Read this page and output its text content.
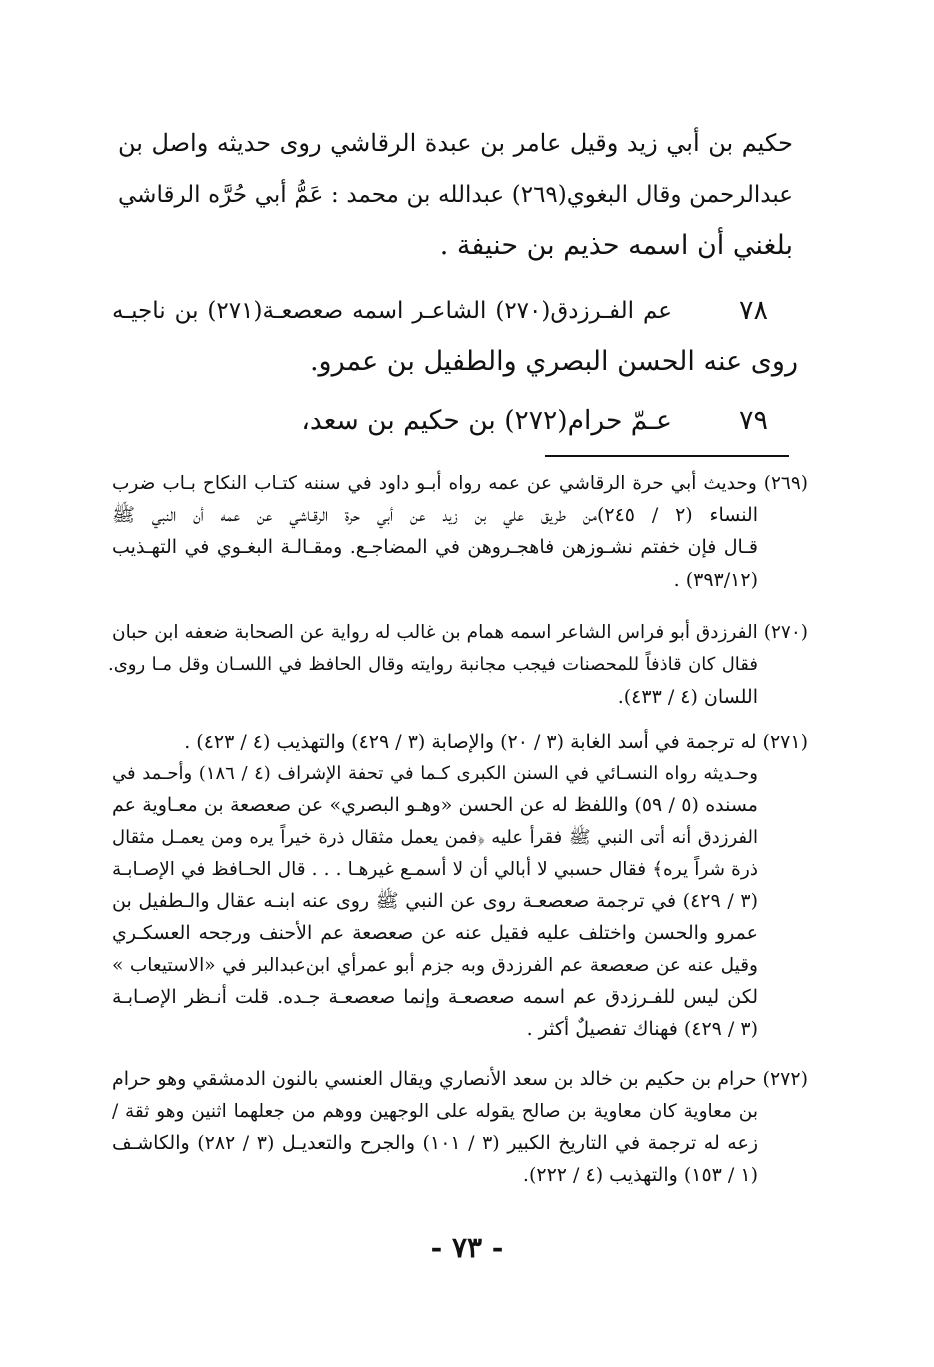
حكيم بن أبي زيد وقيل عامر بن عبدة الرقاشي روى حديثه واصل بن
عبدالرحمن وقال البغوي(٢٦٩) عبدالله بن محمد : عَمُّ أبي حُرَّه الرقاشي
بلغني أن اسمه حذيم بن حنيفة .
٧٨
عم الفـرزدق(٢٧٠) الشاعـر اسمه صعصعـة(٢٧١) بن ناجيـه
روى عنه الحسن البصري والطفيل بن عمرو.
٧٩
عـمّ حرام(٢٧٢) بن حكيم بن سعد،
(٢٦٩) وحديث أبي حرة الرقاشي عن عمه رواه أبـو داود في سننه كتـاب النكاح بـاب ضرب
النساء (٢ / ٢٤٥)من طريق علي بن زيد عن أبي حرة الرقـاشي عن عمه أن النبي ﷺ
قـال فإن خفتم نشـوزهن فاهجـروهن في المضاجـع. ومقـالـة البغـوي في التهـذيب
(٣٩٣/١٢) .
(٢٧٠) الفرزدق أبو فراس الشاعر اسمه همام بن غالب له رواية عن الصحابة ضعفه ابن حبان
فقال كان قاذفاً للمحصنات فيجب مجانبة روايته وقال الحافظ في اللسـان وقل مـا روى.
اللسان (٤ / ٤٣٣).
(٢٧١) له ترجمة في أسد الغابة (٣ / ٢٠) والإصابة (٣ / ٤٢٩) والتهذيب (٤ / ٤٢٣) .
وحـديثه رواه النسـائي في السنن الكبرى كـما في تحفة الإشراف (٤ / ١٨٦) وأحـمد في
مسنده (٥ / ٥٩) واللفظ له عن الحسن «وهـو البصري» عن صعصعة بن معـاوية عم
الفرزدق أنه أتى النبي ﷺ فقرأ عليه ﴿فمن يعمل مثقال ذرة خيراً يره ومن يعمـل مثقال
ذرة شراً يره﴾ فقال حسبي لا أبالي أن لا أسمـع غيرهـا . . . قال الحـافظ في الإصـابـة
(٣ / ٤٢٩) في ترجمة صعصعـة روى عن النبي ﷺ روى عنه ابنـه عقال والـطفيل بن
عمرو والحسن واختلف عليه فقيل عنه عن صعصعة عم الأحنف ورجحه العسكـري
وقيل عنه عن صعصعة عم الفرزدق وبه جزم أبو عمرأي ابن‌عبدالبر في «الاستيعاب »
لكن ليس للفـرزدق عم اسمه صعصعـة وإنما صعصعـة جـده. قلت أنـظر الإصـابـة
(٣ / ٤٢٩) فهناك تفصيلٌ أكثر .
(٢٧٢) حرام بن حكيم بن خالد بن سعد الأنصاري ويقال العنسي بالنون الدمشقي وهو حرام
بن معاوية كان معاوية بن صالح يقوله على الوجهين ووهم من جعلهما اثنين وهو ثقة /
زعه له ترجمة في التاريخ الكبير (٣ / ١٠١) والجرح والتعديـل (٣ / ٢٨٢) والكاشـف
(١ / ١٥٣) والتهذيب (٤ / ٢٢٢).
- ٧٣ -
